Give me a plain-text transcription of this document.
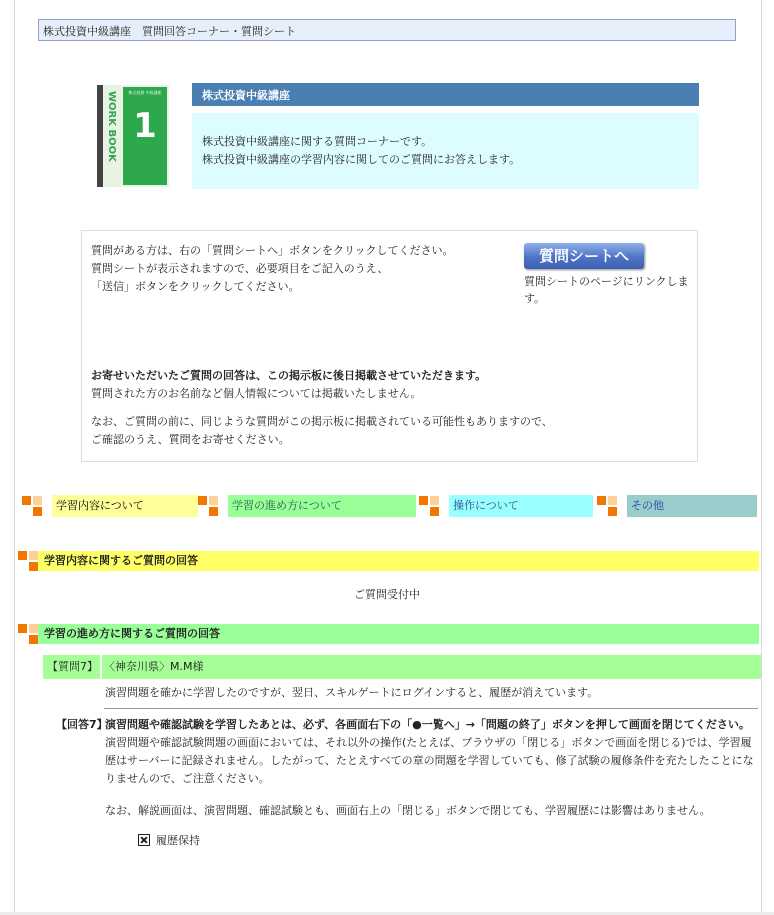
株式投資中級講座　質問回答コーナー・質問シート
株式投資 中級講座
1
WORK BOOK	株式投資中級講座
株式投資中級講座に関する質問コーナーです。
株式投資中級講座の学習内容に関してのご質問にお答えします。
質問がある方は、右の「質問シートへ」ボタンをクリックしてください。
質問シートが表示されますので、必要項目をご記入のうえ、
「送信」ボタンをクリックしてください。
質問シートへ
質問シートのページにリンクします。
お寄せいただいたご質問の回答は、この掲示板に後日掲載させていただきます。
質問された方のお名前など個人情報については掲載いたしません。
なお、ご質問の前に、同じような質問がこの掲示板に掲載されている可能性もありますので、
ご確認のうえ、質問をお寄せください。
学習内容について	学習の進め方について	操作について	その他
学習内容に関するご質問の回答
ご質問受付中
学習の進め方に関するご質問の回答
【質問7】 〈神奈川県〉M.M様
演習問題を確かに学習したのですが、翌日、スキルゲートにログインすると、履歴が消えています。
【回答7】
演習問題や確認試験を学習したあとは、必ず、各画面右下の「●一覧へ」→「問題の終了」ボタンを押して画面を閉じてください。
演習問題や確認試験問題の画面においては、それ以外の操作(たとえば、ブラウザの「閉じる」ボタンで画面を閉じる)では、学習履歴はサーバーに記録されません。したがって、たとえすべての章の問題を学習していても、修了試験の履修条件を充たしたことになりませんので、ご注意ください。
なお、解説画面は、演習問題、確認試験とも、画面右上の「閉じる」ボタンで閉じても、学習履歴には影響はありません。
履歴保持
